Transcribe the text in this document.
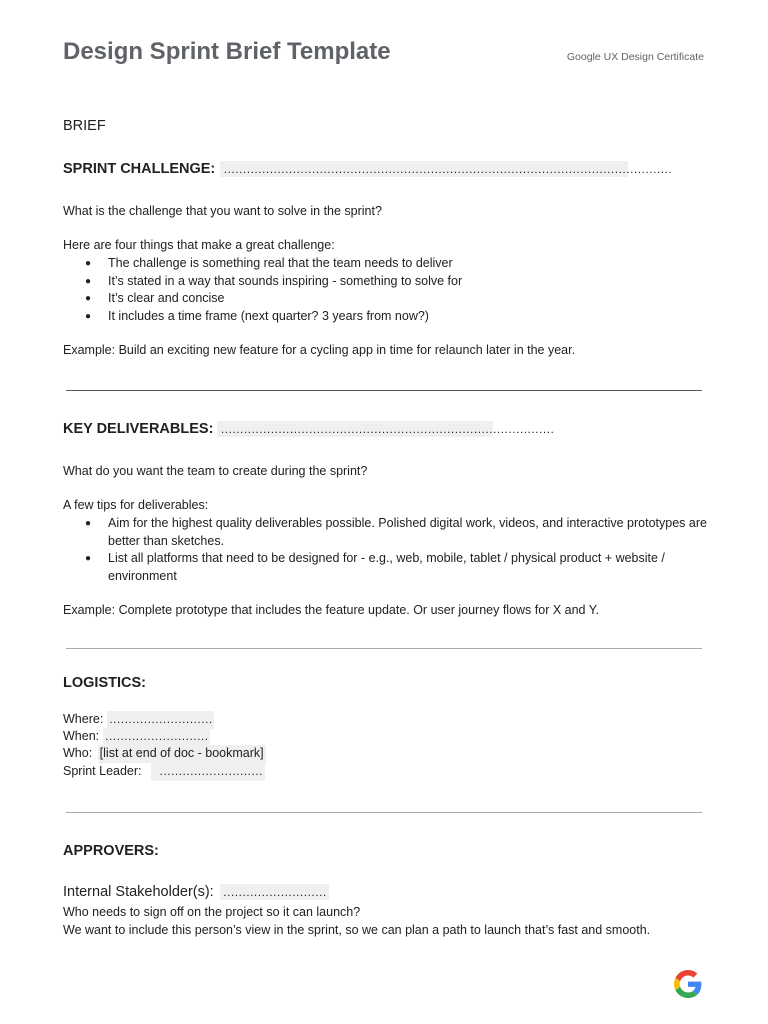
Design Sprint Brief Template	Google UX Design Certificate
BRIEF
SPRINT CHALLENGE: ………………………………………………………………………………………………………
What is the challenge that you want to solve in the sprint?
Here are four things that make a great challenge:
● The challenge is something real that the team needs to deliver
● It’s stated in a way that sounds inspiring - something to solve for
● It’s clear and concise
● It includes a time frame (next quarter? 3 years from now?)
Example: Build an exciting new feature for a cycling app in time for relaunch later in the year.
KEY DELIVERABLES: ……………………………………………………………………………
What do you want the team to create during the sprint?
A few tips for deliverables:
● Aim for the highest quality deliverables possible. Polished digital work, videos, and interactive prototypes are better than sketches.
● List all platforms that need to be designed for - e.g., web, mobile, tablet / physical product + website / environment
Example: Complete prototype that includes the feature update. Or user journey flows for X and Y.
LOGISTICS:
Where: ………………………
When: ………………………
Who: [list at end of doc - bookmark]
Sprint Leader: ………………………
APPROVERS:
Internal Stakeholder(s): ………………………
Who needs to sign off on the project so it can launch?
We want to include this person’s view in the sprint, so we can plan a path to launch that’s fast and smooth.
